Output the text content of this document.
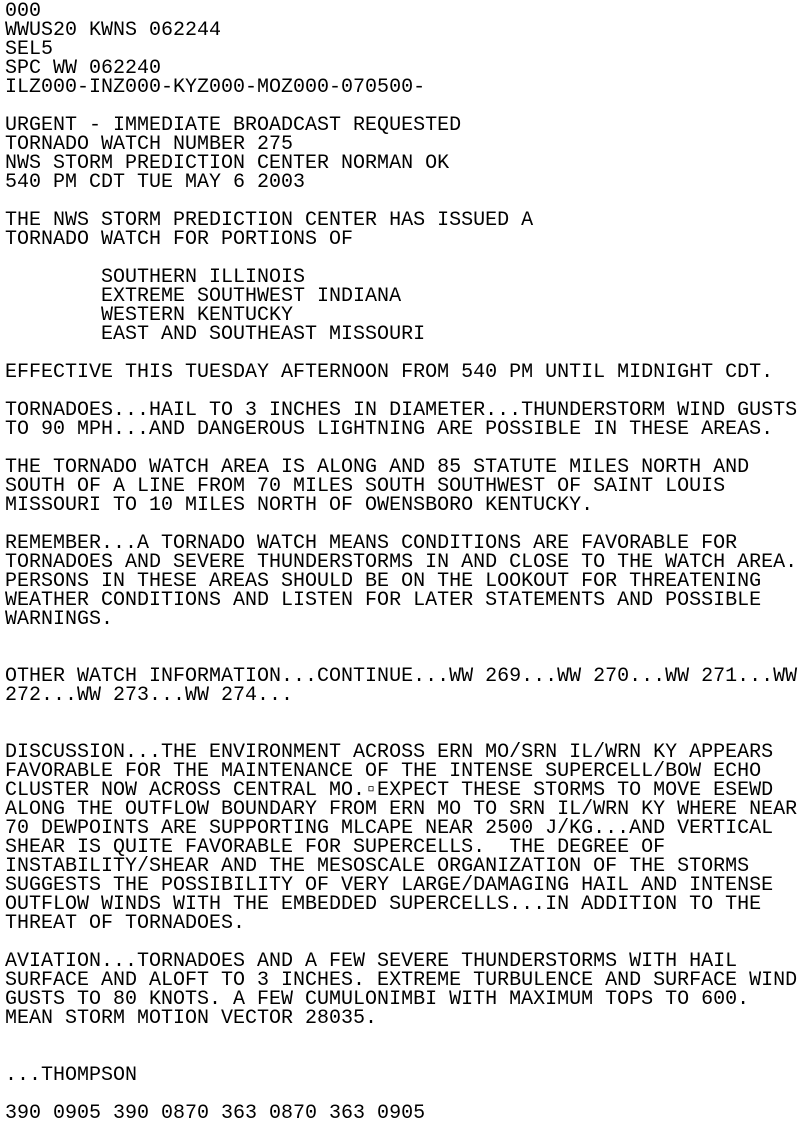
000
WWUS20 KWNS 062244
SEL5
SPC WW 062240
ILZ000-INZ000-KYZ000-MOZ000-070500-
URGENT - IMMEDIATE BROADCAST REQUESTED
TORNADO WATCH NUMBER 275
NWS STORM PREDICTION CENTER NORMAN OK
540 PM CDT TUE MAY 6 2003
THE NWS STORM PREDICTION CENTER HAS ISSUED A
TORNADO WATCH FOR PORTIONS OF
SOUTHERN ILLINOIS
EXTREME SOUTHWEST INDIANA
WESTERN KENTUCKY
EAST AND SOUTHEAST MISSOURI
EFFECTIVE THIS TUESDAY AFTERNOON FROM 540 PM UNTIL MIDNIGHT CDT.
TORNADOES...HAIL TO 3 INCHES IN DIAMETER...THUNDERSTORM WIND GUSTS
TO 90 MPH...AND DANGEROUS LIGHTNING ARE POSSIBLE IN THESE AREAS.
THE TORNADO WATCH AREA IS ALONG AND 85 STATUTE MILES NORTH AND
SOUTH OF A LINE FROM 70 MILES SOUTH SOUTHWEST OF SAINT LOUIS
MISSOURI TO 10 MILES NORTH OF OWENSBORO KENTUCKY.
REMEMBER...A TORNADO WATCH MEANS CONDITIONS ARE FAVORABLE FOR
TORNADOES AND SEVERE THUNDERSTORMS IN AND CLOSE TO THE WATCH AREA.
PERSONS IN THESE AREAS SHOULD BE ON THE LOOKOUT FOR THREATENING
WEATHER CONDITIONS AND LISTEN FOR LATER STATEMENTS AND POSSIBLE
WARNINGS.
OTHER WATCH INFORMATION...CONTINUE...WW 269...WW 270...WW 271...WW
272...WW 273...WW 274...
DISCUSSION...THE ENVIRONMENT ACROSS ERN MO/SRN IL/WRN KY APPEARS
FAVORABLE FOR THE MAINTENANCE OF THE INTENSE SUPERCELL/BOW ECHO
CLUSTER NOW ACROSS CENTRAL MO.▫EXPECT THESE STORMS TO MOVE ESEWD
ALONG THE OUTFLOW BOUNDARY FROM ERN MO TO SRN IL/WRN KY WHERE NEAR
70 DEWPOINTS ARE SUPPORTING MLCAPE NEAR 2500 J/KG...AND VERTICAL
SHEAR IS QUITE FAVORABLE FOR SUPERCELLS.  THE DEGREE OF
INSTABILITY/SHEAR AND THE MESOSCALE ORGANIZATION OF THE STORMS
SUGGESTS THE POSSIBILITY OF VERY LARGE/DAMAGING HAIL AND INTENSE
OUTFLOW WINDS WITH THE EMBEDDED SUPERCELLS...IN ADDITION TO THE
THREAT OF TORNADOES.
AVIATION...TORNADOES AND A FEW SEVERE THUNDERSTORMS WITH HAIL
SURFACE AND ALOFT TO 3 INCHES. EXTREME TURBULENCE AND SURFACE WIND
GUSTS TO 80 KNOTS. A FEW CUMULONIMBI WITH MAXIMUM TOPS TO 600.
MEAN STORM MOTION VECTOR 28035.
...THOMPSON
390 0905 390 0870 363 0870 363 0905
